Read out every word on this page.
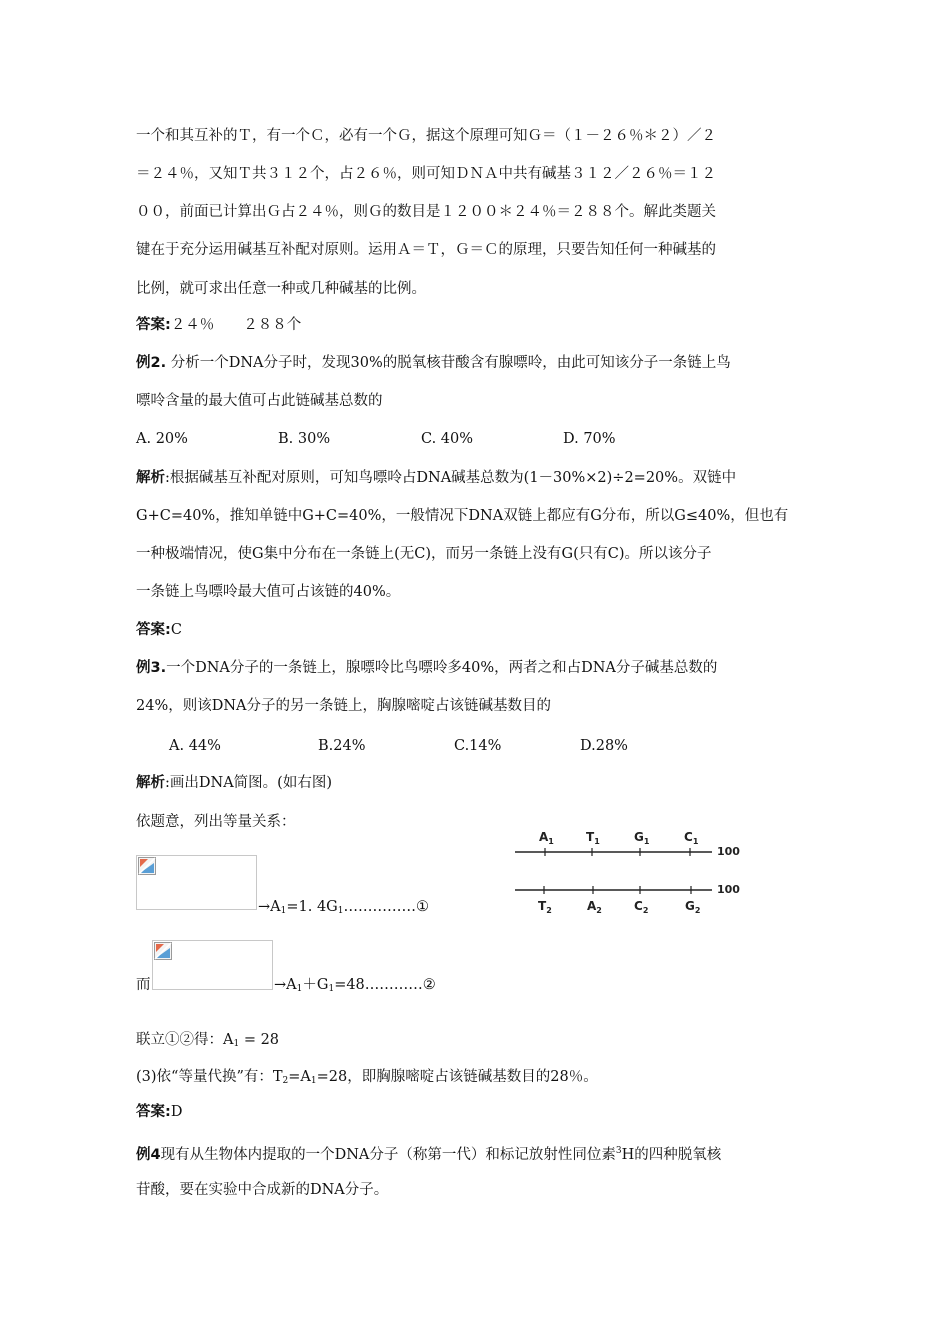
一个和其互补的Ｔ，有一个Ｃ，必有一个Ｇ，据这个原理可知Ｇ＝（１－２６％＊２）／２
＝２４％，又知Ｔ共３１２个，占２６％，则可知ＤＮＡ中共有碱基３１２／２６％＝１２
００，前面已计算出Ｇ占２４％，则Ｇ的数目是１２００＊２４％＝２８８个。解此类题关
键在于充分运用碱基互补配对原则。运用Ａ＝Ｔ，Ｇ＝Ｃ的原理，只要告知任何一种碱基的
比例，就可求出任意一种或几种碱基的比例。
答案:２４％　　２８８个
例2. 分析一个DNA分子时，发现30%的脱氧核苷酸含有腺嘌呤，由此可知该分子一条链上鸟
嘌呤含量的最大值可占此链碱基总数的
A. 20%	B. 30%	C. 40%	D. 70%
解析:根据碱基互补配对原则，可知鸟嘌呤占DNA碱基总数为(1－30%×2)÷2=20%。双链中
G+C=40%，推知单链中G+C=40%，一般情况下DNA双链上都应有G分布，所以G≤40%，但也有
一种极端情况，使G集中分布在一条链上(无C)，而另一条链上没有G(只有C)。所以该分子
一条链上鸟嘌呤最大值可占该链的40%。
答案:C
例3.一个DNA分子的一条链上，腺嘌呤比鸟嘌呤多40%，两者之和占DNA分子碱基总数的
24%，则该DNA分子的另一条链上，胸腺嘧啶占该链碱基数目的
A. 44%	B.24%	C.14%	D.28%
解析:画出DNA简图。(如右图)
依题意，列出等量关系：
$\to A_1=1$. $4G_1\dots\dots\dots\dots\dots ①$
而	$\to A_1+G_1=48\dots\dots\dots\dots ②$
联立①②得：$A_1 = 28$
(3)依“等量代换”有：$T_2=A_1=28$，即胸腺嘧啶占该链碱基数目的28％。
答案:D
例4现有从生物体内提取的一个DNA分子（称第一代）和标记放射性同位素$^3$H的四种脱氧核
苷酸，要在实验中合成新的DNA分子。
100
100
$A_1$	$T_1$	$G_1$	$C_1$
$T_2$	$A_2$	$C_2$	$G_2$
